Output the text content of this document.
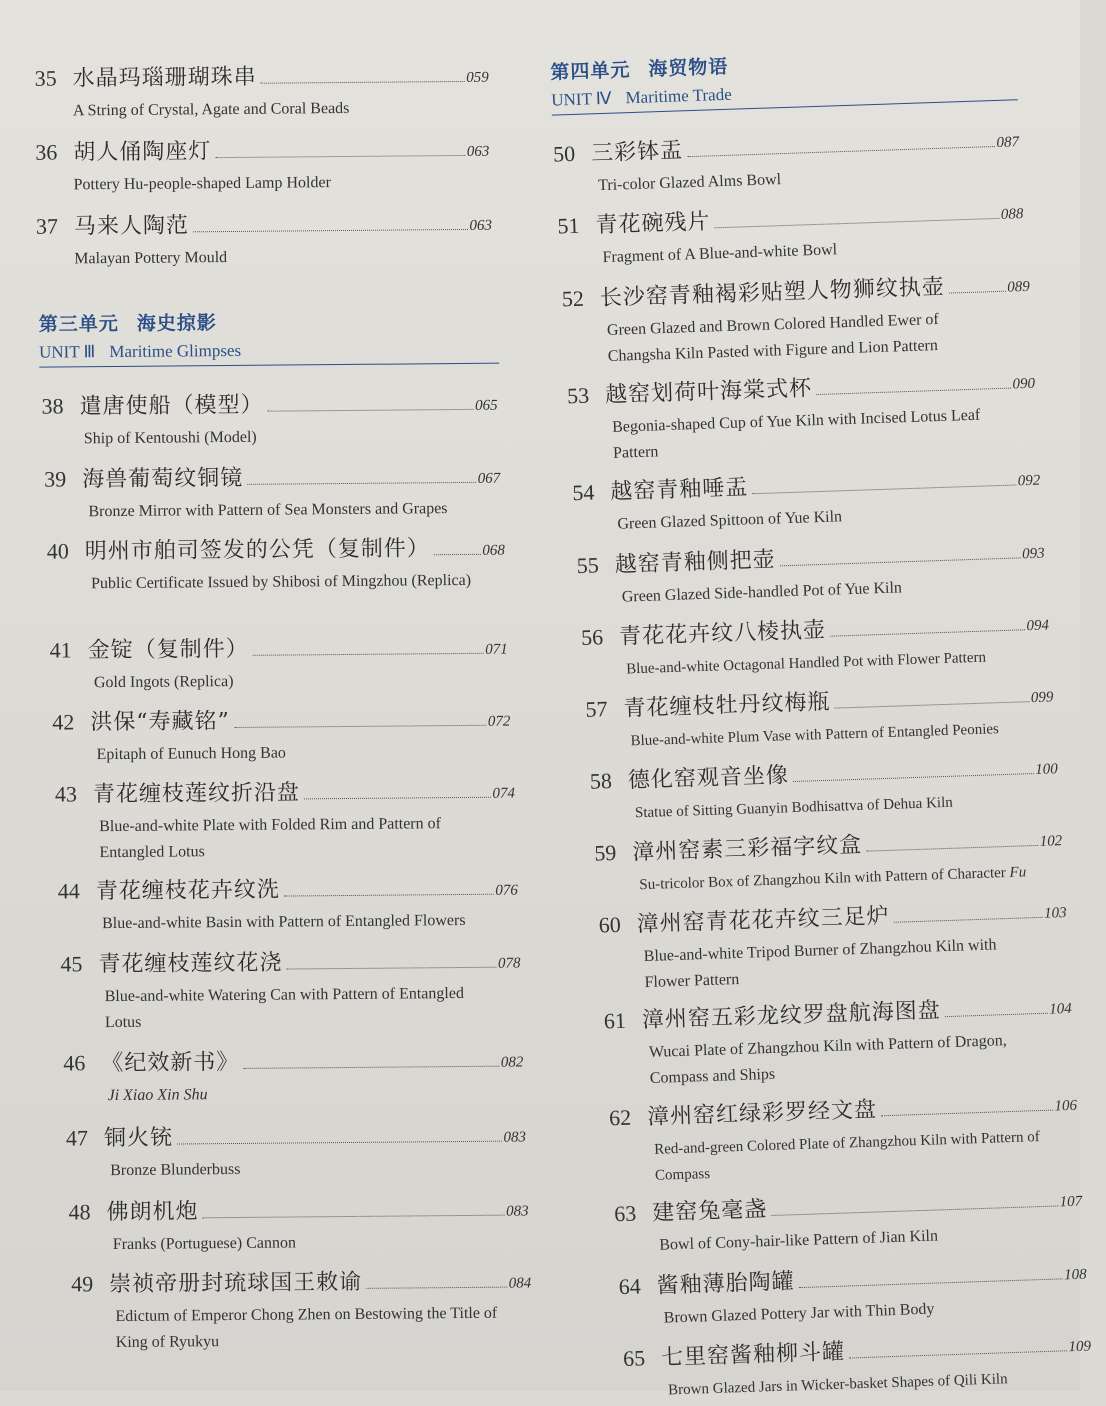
35 水晶玛瑙珊瑚珠串	059
A String of Crystal, Agate and Coral Beads
36 胡人俑陶座灯	063
Pottery Hu-people-shaped Lamp Holder
37 马来人陶范	063
Malayan Pottery Mould
第三单元 海史掠影
UNIT Ⅲ Maritime Glimpses
38 遣唐使船（模型）	065
Ship of Kentoushi (Model)
39 海兽葡萄纹铜镜	067
Bronze Mirror with Pattern of Sea Monsters and Grapes
40 明州市舶司签发的公凭（复制件）	068
Public Certificate Issued by Shibosi of Mingzhou (Replica)
41 金锭（复制件）	071
Gold Ingots (Replica)
42 洪保“寿藏铭”	072
Epitaph of Eunuch Hong Bao
43 青花缠枝莲纹折沿盘	074
Blue-and-white Plate with Folded Rim and Pattern of Entangled Lotus
44 青花缠枝花卉纹洗	076
Blue-and-white Basin with Pattern of Entangled Flowers
45 青花缠枝莲纹花浇	078
Blue-and-white Watering Can with Pattern of Entangled Lotus
46 《纪效新书》	082
Ji Xiao Xin Shu
47 铜火铳	083
Bronze Blunderbuss
48 佛朗机炮	083
Franks (Portuguese) Cannon
49 崇祯帝册封琉球国王敕谕	084
Edictum of Emperor Chong Zhen on Bestowing the Title of King of Ryukyu
第四单元 海贸物语
UNIT Ⅳ Maritime Trade
50 三彩钵盂	087
Tri-color Glazed Alms Bowl
51 青花碗残片	088
Fragment of A Blue-and-white Bowl
52 长沙窑青釉褐彩贴塑人物狮纹执壶	089
Green Glazed and Brown Colored Handled Ewer of Changsha Kiln Pasted with Figure and Lion Pattern
53 越窑划荷叶海棠式杯	090
Begonia-shaped Cup of Yue Kiln with Incised Lotus Leaf Pattern
54 越窑青釉唾盂	092
Green Glazed Spittoon of Yue Kiln
55 越窑青釉侧把壶	093
Green Glazed Side-handled Pot of Yue Kiln
56 青花花卉纹八棱执壶	094
Blue-and-white Octagonal Handled Pot with Flower Pattern
57 青花缠枝牡丹纹梅瓶	099
Blue-and-white Plum Vase with Pattern of Entangled Peonies
58 德化窑观音坐像	100
Statue of Sitting Guanyin Bodhisattva of Dehua Kiln
59 漳州窑素三彩福字纹盒	102
Su-tricolor Box of Zhangzhou Kiln with Pattern of Character Fu
60 漳州窑青花花卉纹三足炉	103
Blue-and-white Tripod Burner of Zhangzhou Kiln with Flower Pattern
61 漳州窑五彩龙纹罗盘航海图盘	104
Wucai Plate of Zhangzhou Kiln with Pattern of Dragon, Compass and Ships
62 漳州窑红绿彩罗经文盘	106
Red-and-green Colored Plate of Zhangzhou Kiln with Pattern of Compass
63 建窑兔毫盏	107
Bowl of Cony-hair-like Pattern of Jian Kiln
64 酱釉薄胎陶罐	108
Brown Glazed Pottery Jar with Thin Body
65 七里窑酱釉柳斗罐	109
Brown Glazed Jars in Wicker-basket Shapes of Qili Kiln
